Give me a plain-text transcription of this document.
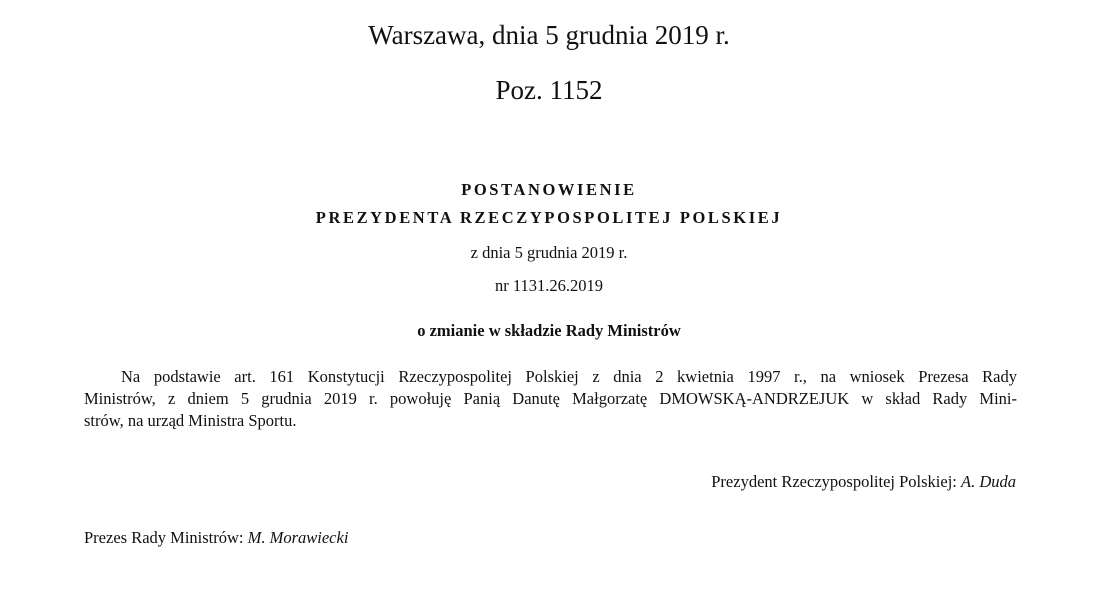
Warszawa, dnia 5 grudnia 2019 r.
Poz. 1152
POSTANOWIENIE
PREZYDENTA RZECZYPOSPOLITEJ POLSKIEJ
z dnia 5 grudnia 2019 r.
nr 1131.26.2019
o zmianie w składzie Rady Ministrów
Na podstawie art. 161 Konstytucji Rzeczypospolitej Polskiej z dnia 2 kwietnia 1997 r., na wniosek Prezesa Rady
Ministrów, z dniem 5 grudnia 2019 r. powołuję Panią Danutę Małgorzatę DMOWSKĄ-ANDRZEJUK w skład Rady Mini-
strów, na urząd Ministra Sportu.
Prezydent Rzeczypospolitej Polskiej: A. Duda
Prezes Rady Ministrów: M. Morawiecki
